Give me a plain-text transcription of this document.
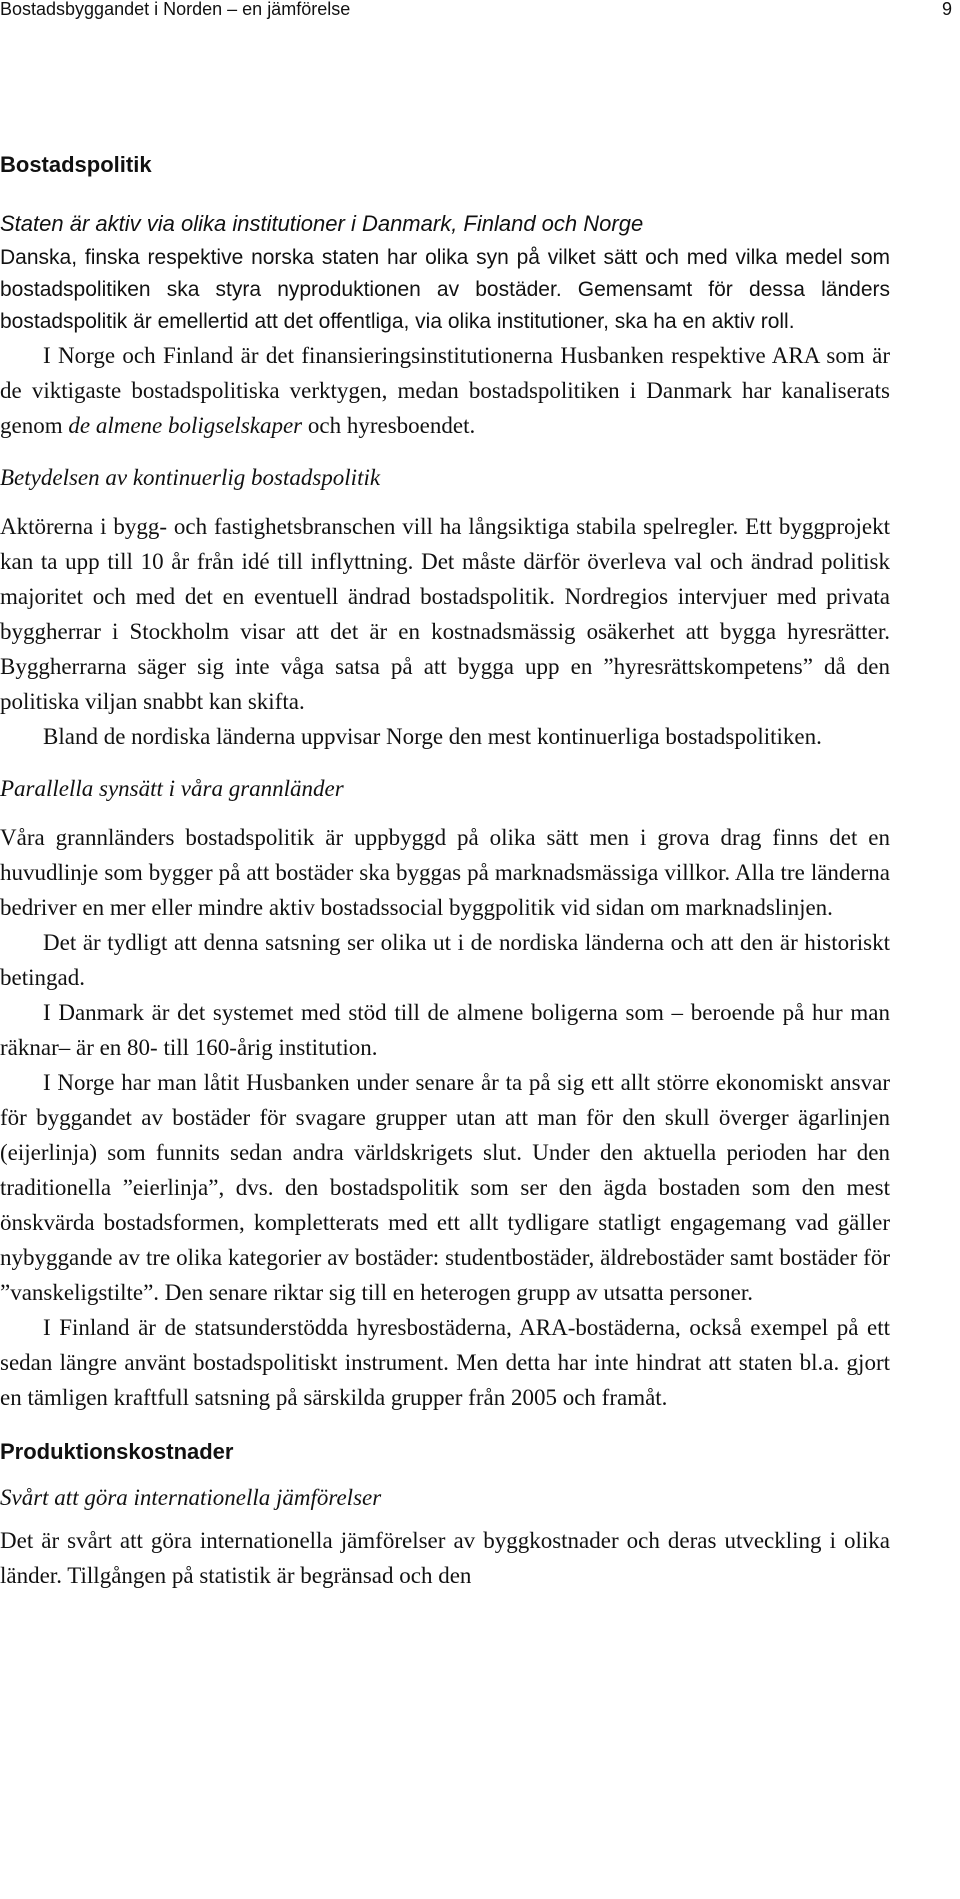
Bostadsbyggandet i Norden – en jämförelse	9
Bostadspolitik
Staten är aktiv via olika institutioner i Danmark, Finland och Norge

Danska, finska respektive norska staten har olika syn på vilket sätt och med vilka medel som bostadspolitiken ska styra nyproduktionen av bostäder. Gemensamt för dessa länders bostadspolitik är emellertid att det offentliga, via olika institutioner, ska ha en aktiv roll.

I Norge och Finland är det finansieringsinstitutionerna Husbanken respektive ARA som är de viktigaste bostadspolitiska verktygen, medan bostadspolitiken i Danmark har kanaliserats genom de almene boligselskaper och hyresboendet.

Betydelsen av kontinuerlig bostadspolitik

Aktörerna i bygg- och fastighetsbranschen vill ha långsiktiga stabila spelregler. Ett byggprojekt kan ta upp till 10 år från idé till inflyttning. Det måste därför överleva val och ändrad politisk majoritet och med det en eventuell ändrad bostadspolitik. Nordregios intervjuer med privata byggherrar i Stockholm visar att det är en kostnadsmässig osäkerhet att bygga hyresrätter. Byggherrarna säger sig inte våga satsa på att bygga upp en ”hyresrättskompetens” då den politiska viljan snabbt kan skifta.

Bland de nordiska länderna uppvisar Norge den mest kontinuerliga bostadspolitiken.

Parallella synsätt i våra grannländer

Våra grannländers bostadspolitik är uppbyggd på olika sätt men i grova drag finns det en huvudlinje som bygger på att bostäder ska byggas på marknadsmässiga villkor. Alla tre länderna bedriver en mer eller mindre aktiv bostadssocial byggpolitik vid sidan om marknadslinjen.

Det är tydligt att denna satsning ser olika ut i de nordiska länderna och att den är historiskt betingad.

I Danmark är det systemet med stöd till de almene boligerna som – beroende på hur man räknar– är en 80- till 160-årig institution.

I Norge har man låtit Husbanken under senare år ta på sig ett allt större ekonomiskt ansvar för byggandet av bostäder för svagare grupper utan att man för den skull överger ägarlinjen (eijerlinja) som funnits sedan andra världskrigets slut. Under den aktuella perioden har den traditionella ”eierlinja”, dvs. den bostadspolitik som ser den ägda bostaden som den mest önskvärda bostadsformen, kompletterats med ett allt tydligare statligt engagemang vad gäller nybyggande av tre olika kategorier av bostäder: studentbostäder, äldrebostäder samt bostäder för ”vanskeligstilte”. Den senare riktar sig till en heterogen grupp av utsatta personer.

I Finland är de statsunderstödda hyresbostäderna, ARA-bostäderna, också exempel på ett sedan längre använt bostadspolitiskt instrument. Men detta har inte hindrat att staten bl.a. gjort en tämligen kraftfull satsning på särskilda grupper från 2005 och framåt.

Produktionskostnader
Svårt att göra internationella jämförelser

Det är svårt att göra internationella jämförelser av byggkostnader och deras utveckling i olika länder. Tillgången på statistik är begränsad och den
